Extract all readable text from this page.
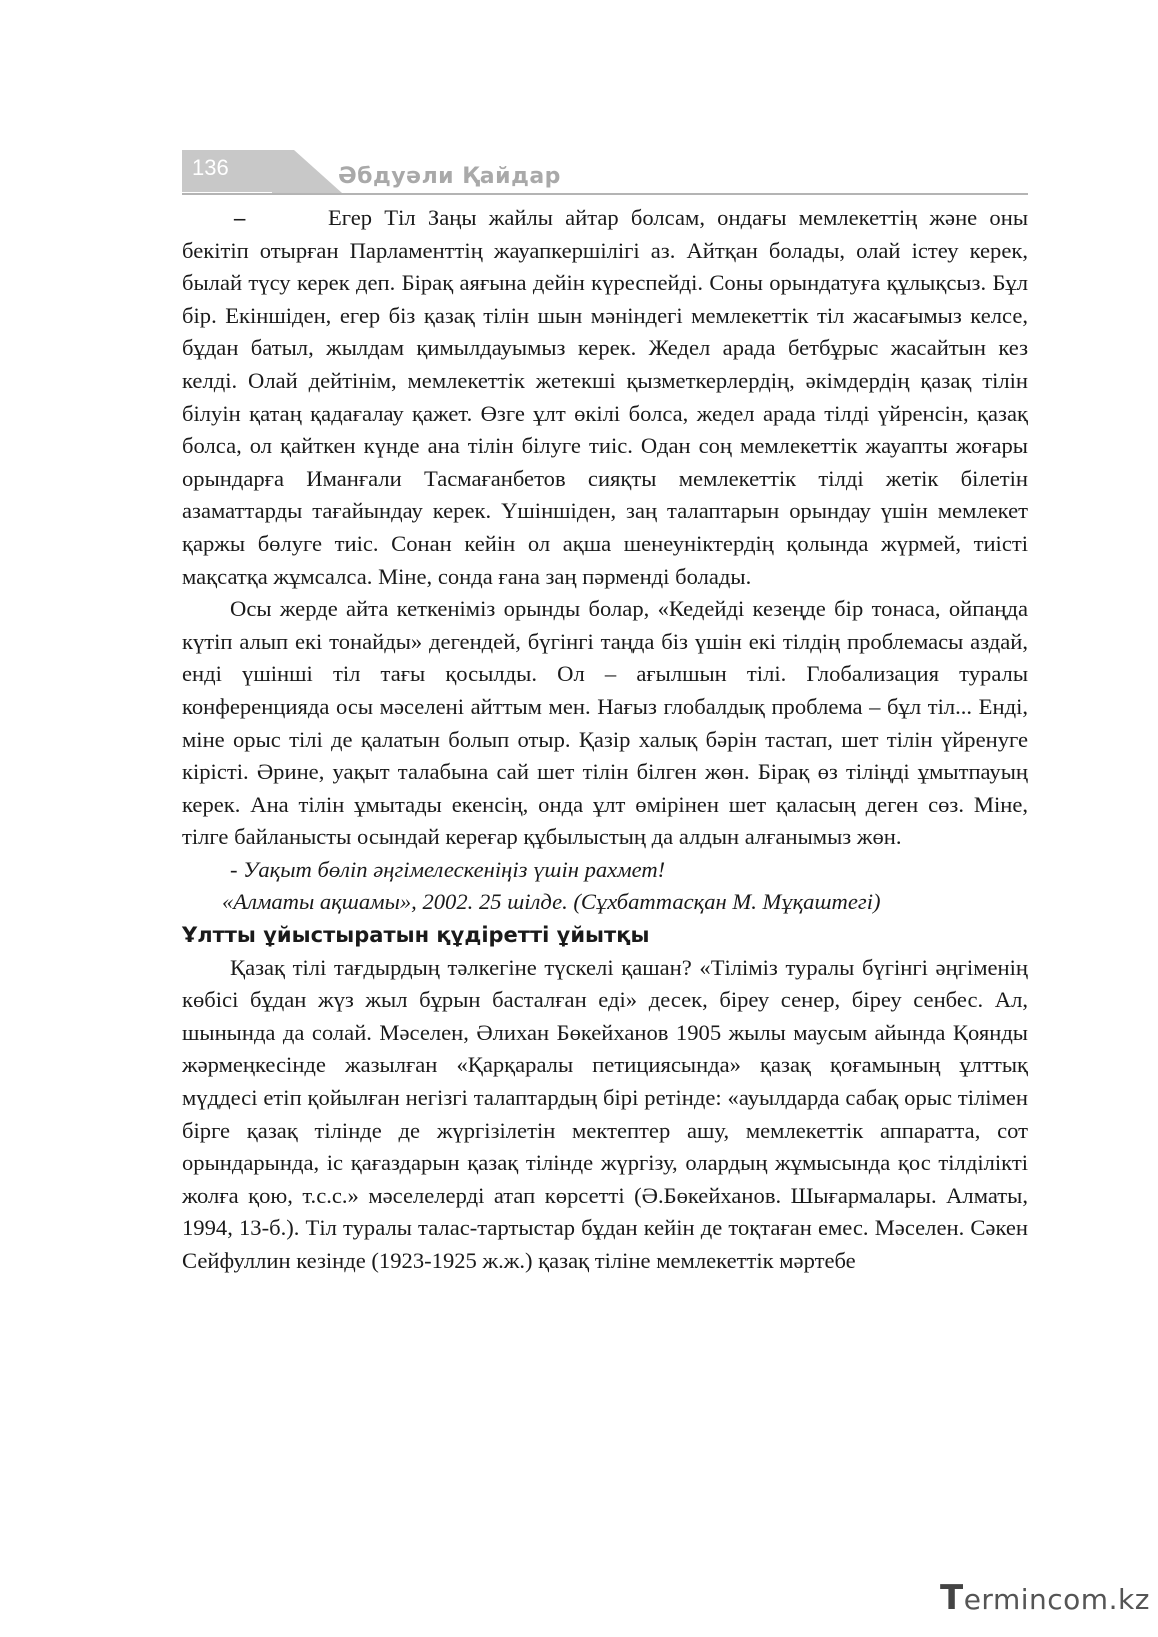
136	Әбдуәли Қайдар

–	Егер Тіл Заңы жайлы айтар болсам, ондағы мемлекеттің және оны бекітіп отырған Парламенттің жауапкершілігі аз. Айтқан болады, олай істеу керек, былай түсу керек деп. Бірақ аяғына дейін күреспейді. Соны орындатуға құлықсыз. Бұл бір. Екіншіден, егер біз қазақ тілін шын мәніндегі мемлекеттік тіл жасағымыз келсе, бұдан батыл, жылдам қимылдауымыз керек. Жедел арада бетбұрыс жасайтын кез келді. Олай дейтінім, мемлекеттік жетекші қызметкерлердің, әкімдердің қазақ тілін білуін қатаң қадағалау қажет. Өзге ұлт өкілі болса, жедел арада тілді үйренсін, қазақ болса, ол қайткен күнде ана тілін білуге тиіс. Одан соң мемлекеттік жауапты жоғары орындарға Иманғали Тасмағанбетов сияқты мемлекеттік тілді жетік білетін азаматтарды тағайындау керек. Үшіншіден, заң талаптарын орындау үшін мемлекет қаржы бөлуге тиіс. Сонан кейін ол ақша шенеуніктердің қолында жүрмей, тиісті мақсатқа жұмсалса. Міне, сонда ғана заң пәрменді болады.

Осы жерде айта кеткеніміз орынды болар, «Кедейді кезеңде бір тонаса, ойпаңда күтіп алып екі тонайды» дегендей, бүгінгі таңда біз үшін екі тілдің проблемасы аздай, енді үшінші тіл тағы қосылды. Ол – ағылшын тілі. Глобализация туралы конференцияда осы мәселені айттым мен. Нағыз глобалдық проблема – бұл тіл... Енді, міне орыс тілі де қалатын болып отыр. Қазір халық бәрін тастап, шет тілін үйренуге кірісті. Әрине, уақыт талабына сай шет тілін білген жөн. Бірақ өз тіліңді ұмытпауың керек. Ана тілін ұмытады екенсің, онда ұлт өмірінен шет қаласың деген сөз. Міне, тілге байланысты осындай кереғар құбылыстың да алдын алғанымыз жөн.

- Уақыт бөліп әңгімелескеніңіз үшін рахмет!

«Алматы ақшамы», 2002. 25 шілде. (Сұхбаттасқан М. Мұқаштегі)

Ұлтты ұйыстыратын құдіретті ұйытқы

Қазақ тілі тағдырдың тәлкегіне түскелі қашан? «Тіліміз туралы бүгінгі әңгіменің көбісі бұдан жүз жыл бұрын басталған еді» десек, біреу сенер, біреу сенбес. Ал, шынында да солай. Мәселен, Әлихан Бөкейханов 1905 жылы маусым айында Қоянды жәрмеңкесінде жазылған «Қарқаралы петициясында» қазақ қоғамының ұлттық мүддесі етіп қойылған негізгі талаптардың бірі ретінде: «ауылдарда сабақ орыс тілімен бірге қазақ тілінде де жүргізілетін мектептер ашу, мемлекеттік аппаратта, сот орындарында, іс қағаздарын қазақ тілінде жүргізу, олардың жұмысында қос тілділікті жолға қою, т.с.с.» мәселелерді атап көрсетті (Ә.Бөкейханов. Шығармалары. Алматы, 1994, 13-б.). Тіл туралы талас-тартыстар бұдан кейін де тоқтаған емес. Мәселен. Сәкен Сейфуллин кезінде (1923-1925 ж.ж.) қазақ тіліне мемлекеттік мәртебе

Termincom.kz
